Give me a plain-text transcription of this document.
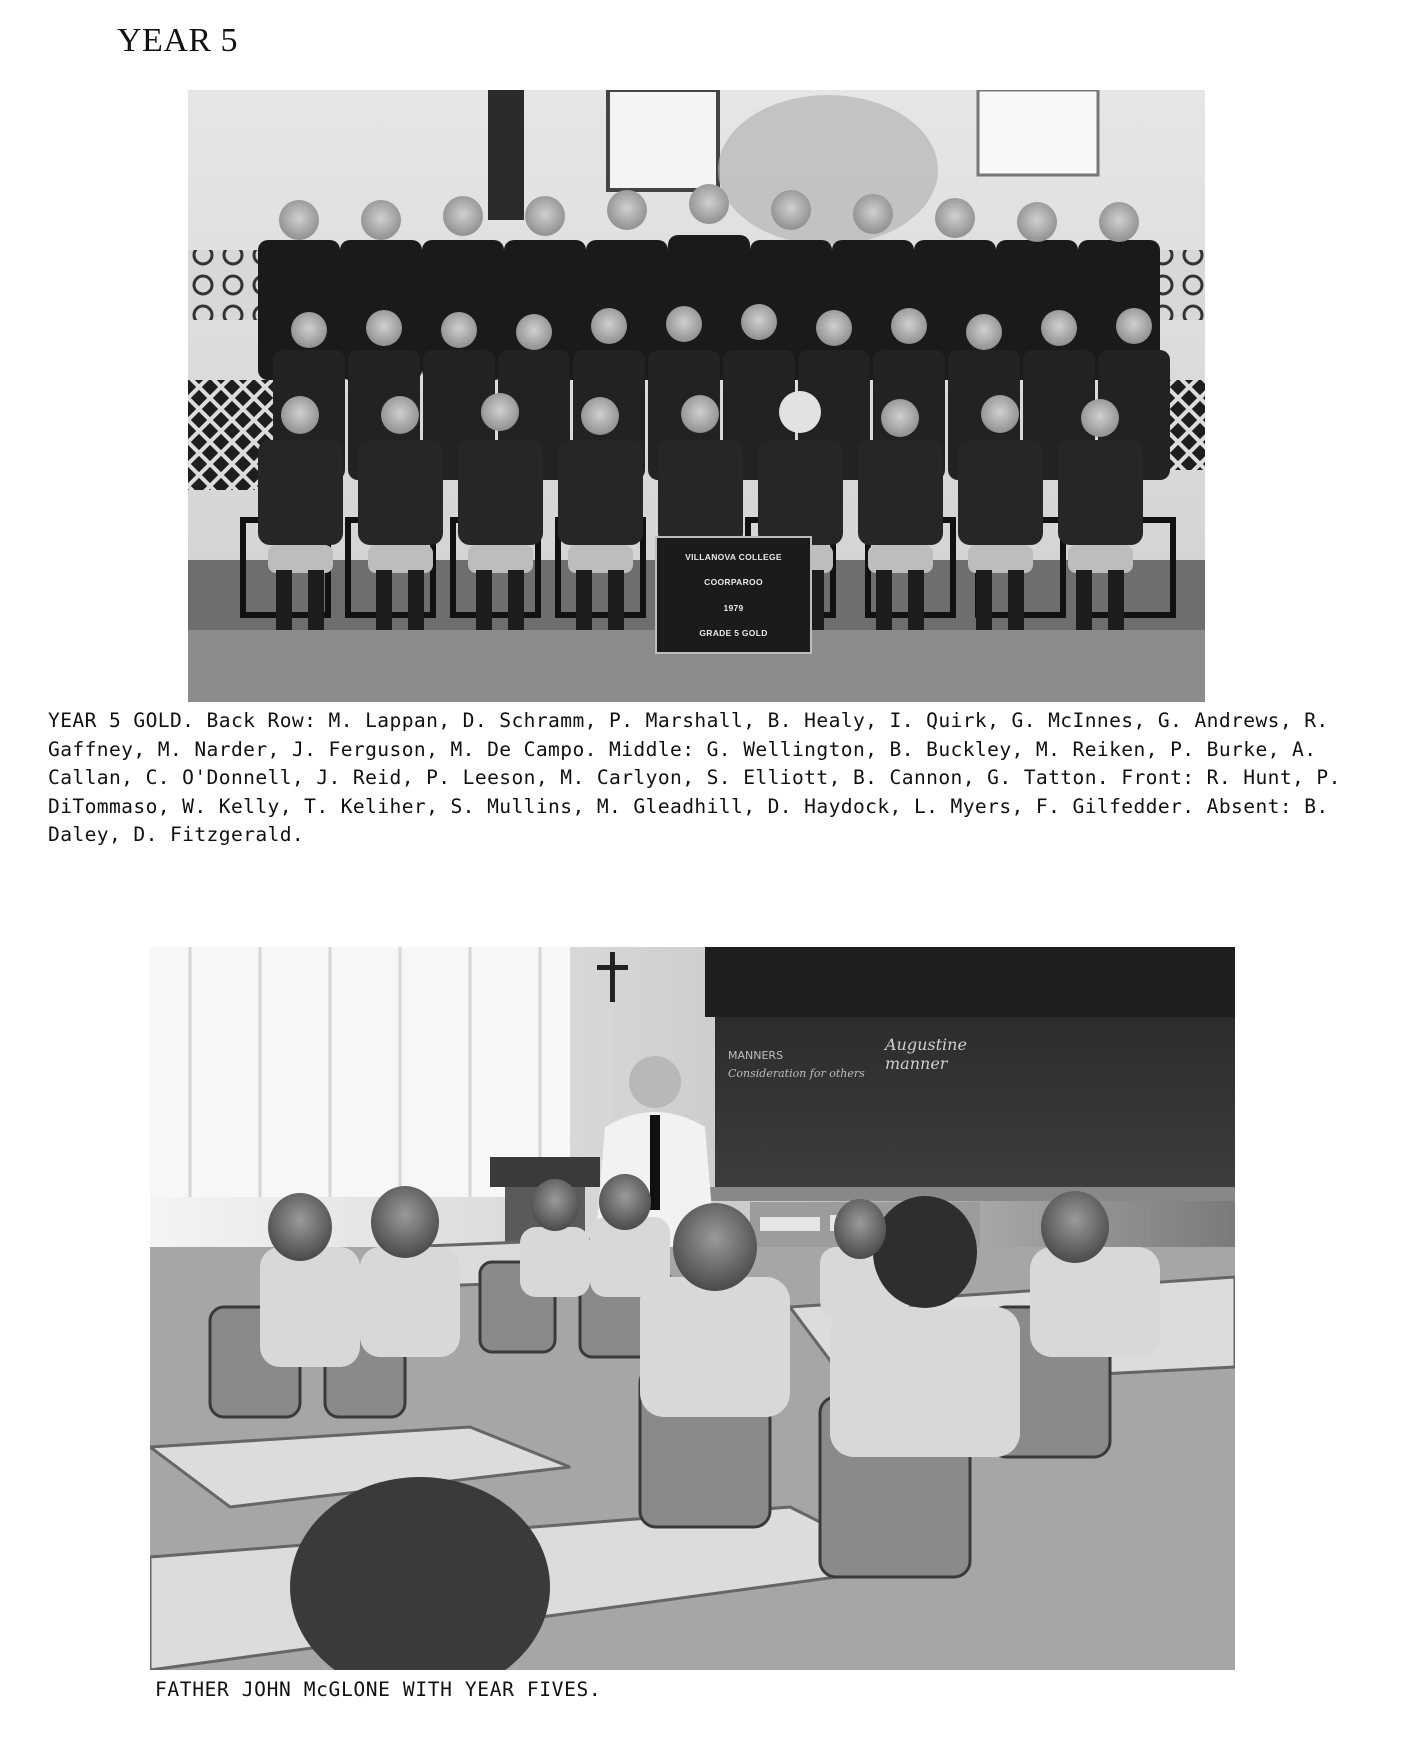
YEAR 5
VILLANOVA COLLEGE
COORPAROO
1979
GRADE 5 GOLD
YEAR 5 GOLD. Back Row: M. Lappan, D. Schramm, P. Marshall, B. Healy, I. Quirk, G. McInnes, G. Andrews, R. Gaffney, M. Narder, J. Ferguson, M. De Campo. Middle: G. Wellington, B. Buckley, M. Reiken, P. Burke, A. Callan, C. O'Donnell, J. Reid, P. Leeson, M. Carlyon, S. Elliott, B. Cannon, G. Tatton. Front: R. Hunt, P. DiTommaso, W. Kelly, T. Keliher, S. Mullins, M. Gleadhill, D. Haydock, L. Myers, F. Gilfedder. Absent: B. Daley, D. Fitzgerald.
MANNERS
Consideration for others
Augustine
manner
FATHER JOHN McGLONE WITH YEAR FIVES.
